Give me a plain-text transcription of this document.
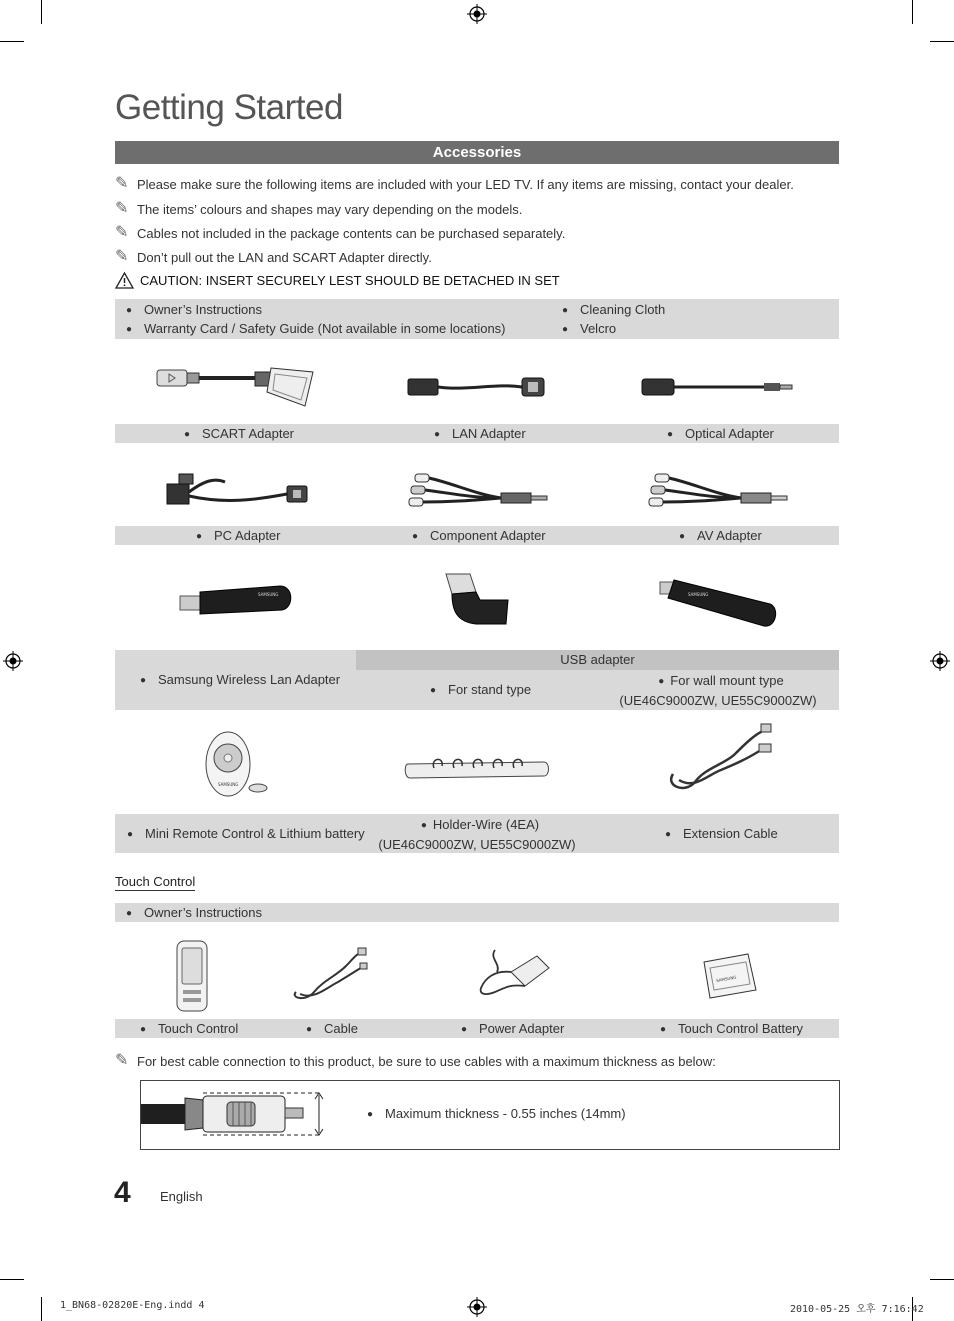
Getting Started
Accessories
✎ Please make sure the following items are included with your LED TV. If any items are missing, contact your dealer.
✎ The items’ colours and shapes may vary depending on the models.
✎ Cables not included in the package contents can be purchased separately.
✎ Don’t pull out the LAN and SCART Adapter directly.
CAUTION: INSERT SECURELY LEST SHOULD BE DETACHED IN SET
● Owner’s Instructions
● Warranty Card / Safety Guide (Not available in some locations)
● Cleaning Cloth
● Velcro
● SCART Adapter	● LAN Adapter	● Optical Adapter
● PC Adapter	● Component Adapter	● AV Adapter
SAMSUNG	SAMSUNG
USB adapter
● Samsung Wireless Lan Adapter
● For stand type
● For wall mount type
(UE46C9000ZW, UE55C9000ZW)
SAMSUNG
● Mini Remote Control & Lithium battery
● Holder-Wire (4EA)
(UE46C9000ZW, UE55C9000ZW)
● Extension Cable
Touch Control
● Owner’s Instructions
SAMSUNG
● Touch Control	● Cable	● Power Adapter	● Touch Control Battery
✎ For best cable connection to this product, be sure to use cables with a maximum thickness as below:
● Maximum thickness - 0.55 inches (14mm)
4 English
1_BN68-02820E-Eng.indd 4	2010-05-25 오후 7:16:42
